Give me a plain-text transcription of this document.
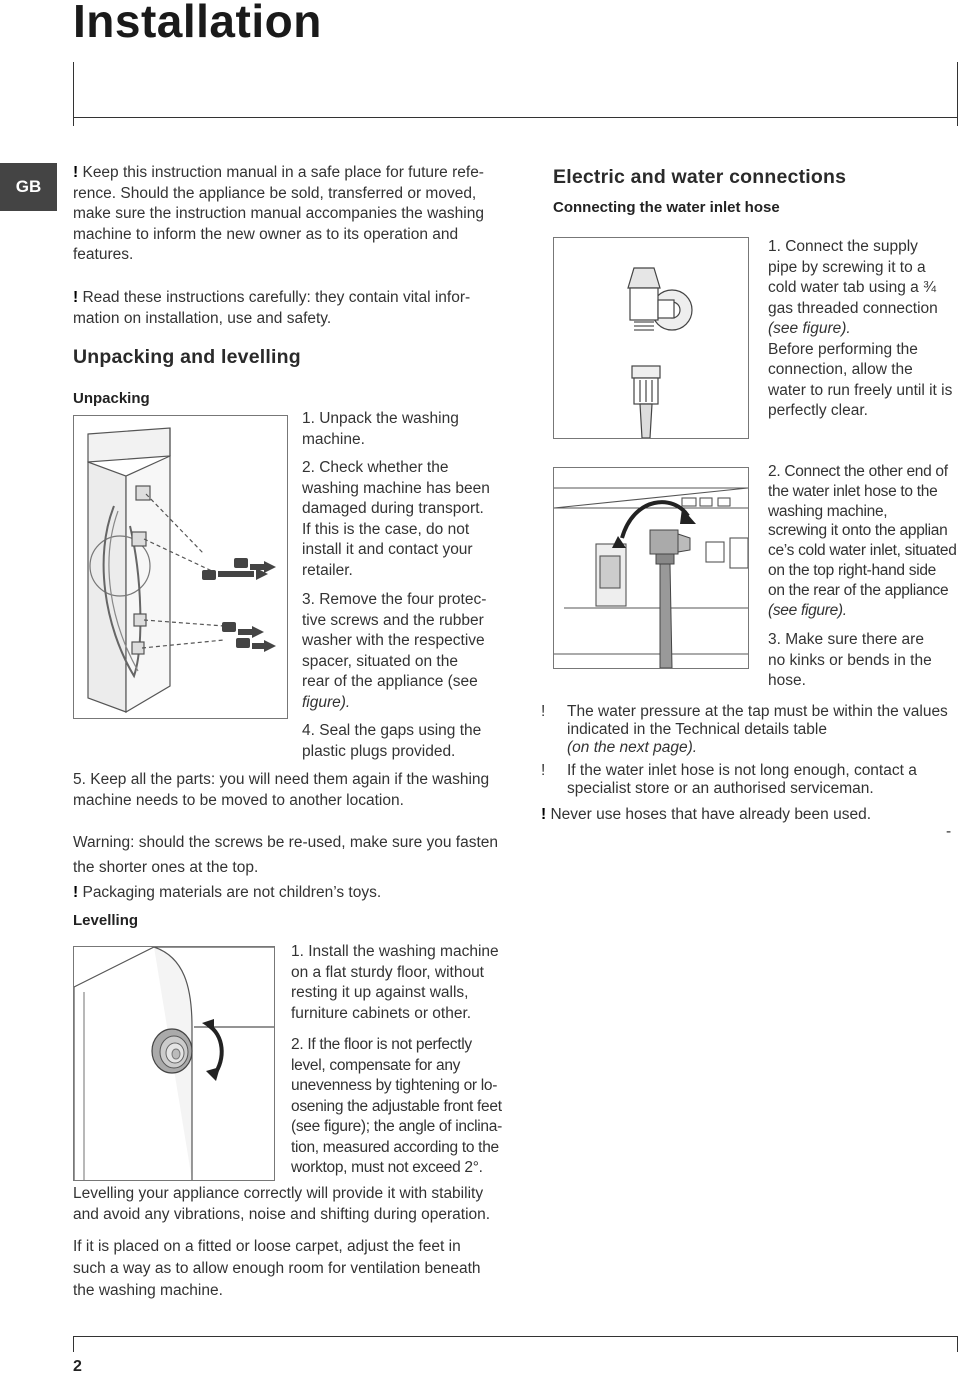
Installation
GB
! Keep this instruction manual in a safe place for future refe-
rence. Should the appliance be sold, transferred or moved,
make sure the instruction manual accompanies the washing
machine to inform the new owner as to its operation and
features.
! Read these instructions carefully: they contain vital infor-
mation on installation, use and safety.
Unpacking and levelling
Unpacking
1. Unpack the washing
machine.
2. Check whether the
washing machine has been
damaged during transport.
If this is the case, do not
install it and contact your
retailer.
3. Remove the four protec-
tive screws and the rubber
washer with the respective
spacer, situated on the
rear of the appliance (see
figure).
4. Seal the gaps using the
plastic plugs provided.
5. Keep all the parts: you will need them again if the washing
machine needs to be moved to another location.
Warning: should the screws be re-used, make sure you fasten
the shorter ones at the top.
! Packaging materials are not children’s toys.
Levelling
1. Install the washing machine
on a flat sturdy floor, without
resting it up against walls,
furniture cabinets or other.
2. If the floor is not perfectly
level, compensate for any
unevenness by tightening or lo-
osening the adjustable front feet
(see figure); the angle of inclina-
tion, measured according to the
worktop, must not exceed 2°.
Levelling your appliance correctly will provide it with stability
and avoid any vibrations, noise and shifting during operation.
If it is placed on a fitted or loose carpet, adjust the feet in
such a way as to allow enough room for ventilation beneath
the washing machine.
Electric and water connections
Connecting the water inlet hose
1. Connect the supply
pipe by screwing it to a
cold water tab using a ¾
gas threaded connection
(see figure).
Before performing the
connection, allow the
water to run freely until it is
perfectly clear.
2. Connect the other end of
the water inlet hose to the
washing machine,
screwing it onto the applian
ce’s cold water inlet, situated
on the top right-hand side
on the rear of the appliance
(see figure).
3. Make sure there are
no kinks or bends in the
hose.
!	The water pressure at the tap must be within the values
indicated in the Technical details table
(on the next page).
!	If the water inlet hose is not long enough, contact a
specialist store or an authorised serviceman.
! Never use hoses that have already been used.
-
2
